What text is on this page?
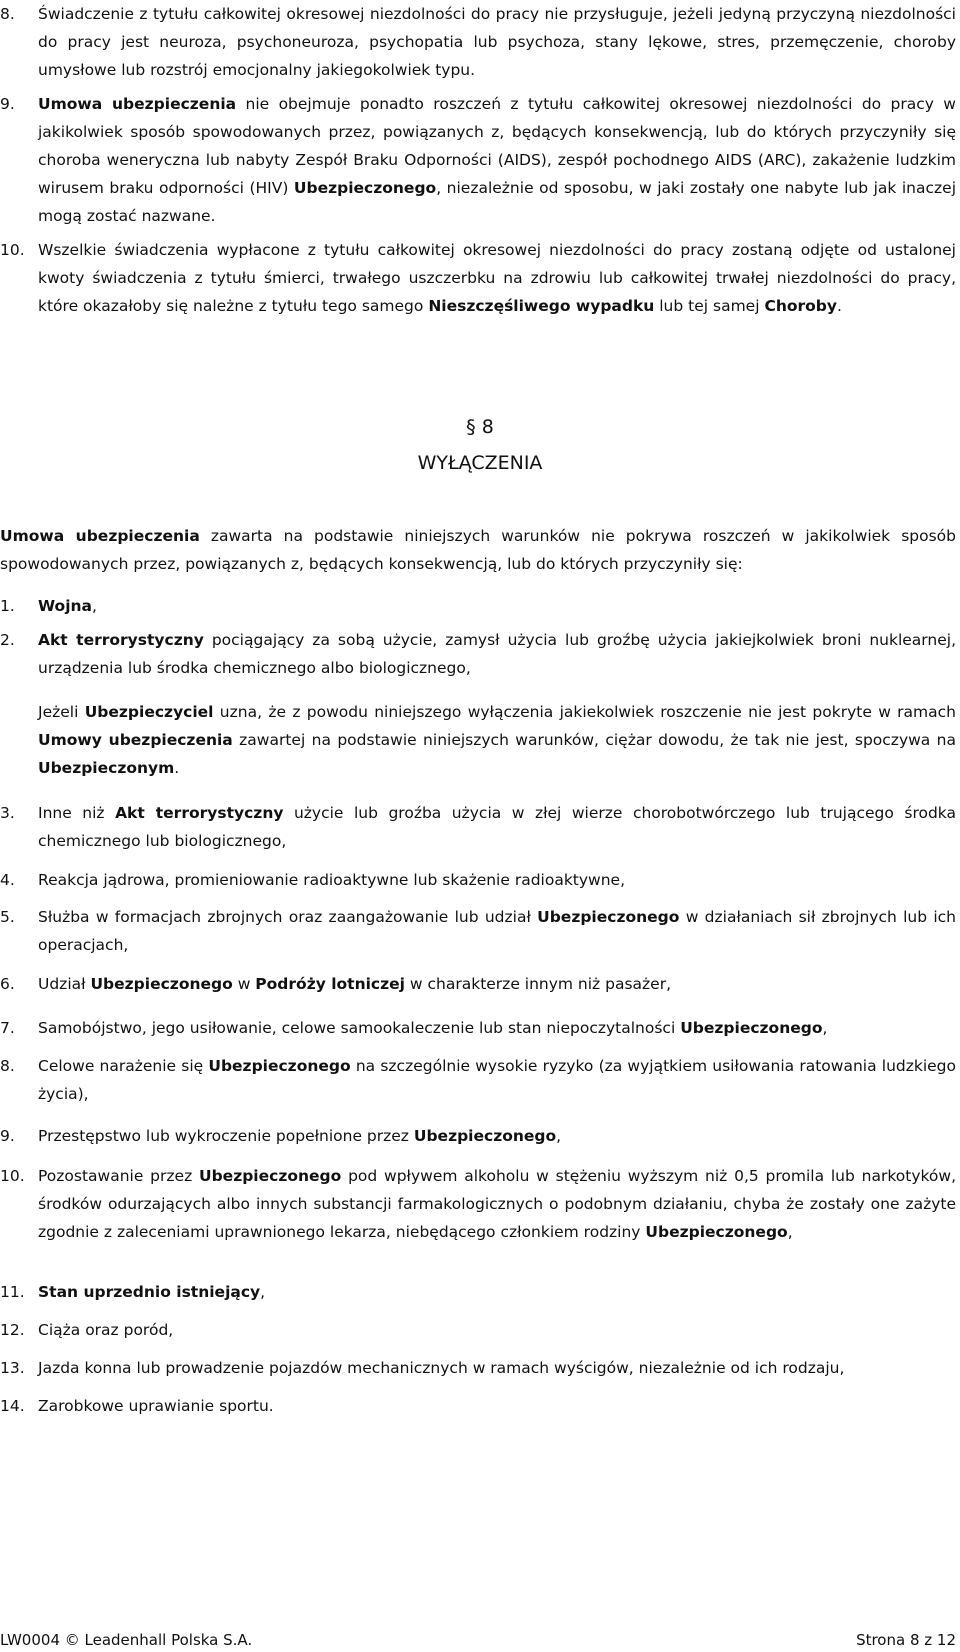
8.	Świadczenie z tytułu całkowitej okresowej niezdolności do pracy nie przysługuje, jeżeli jedyną przyczyną niezdolności do pracy jest neuroza, psychoneuroza, psychopatia lub psychoza, stany lękowe, stres, przemęczenie, choroby umysłowe lub rozstrój emocjonalny jakiegokolwiek typu.
9.	Umowa ubezpieczenia nie obejmuje ponadto roszczeń z tytułu całkowitej okresowej niezdolności do pracy w jakikolwiek sposób spowodowanych przez, powiązanych z, będących konsekwencją, lub do których przyczyniły się choroba weneryczna lub nabyty Zespół Braku Odporności (AIDS), zespół pochodnego AIDS (ARC), zakażenie ludzkim wirusem braku odporności (HIV) Ubezpieczonego, niezależnie od sposobu, w jaki zostały one nabyte lub jak inaczej mogą zostać nazwane.
10. Wszelkie świadczenia wypłacone z tytułu całkowitej okresowej niezdolności do pracy zostaną odjęte od ustalonej kwoty świadczenia z tytułu śmierci, trwałego uszczerbku na zdrowiu lub całkowitej trwałej niezdolności do pracy, które okazałoby się należne z tytułu tego samego Nieszczęśliwego wypadku lub tej samej Choroby.
§ 8
WYŁĄCZENIA
Umowa ubezpieczenia zawarta na podstawie niniejszych warunków nie pokrywa roszczeń w jakikolwiek sposób spowodowanych przez, powiązanych z, będących konsekwencją, lub do których przyczyniły się:
1.	Wojna,
2.	Akt terrorystyczny pociągający za sobą użycie, zamysł użycia lub groźbę użycia jakiejkolwiek broni nuklearnej, urządzenia lub środka chemicznego albo biologicznego,
Jeżeli Ubezpieczyciel uzna, że z powodu niniejszego wyłączenia jakiekolwiek roszczenie nie jest pokryte w ramach Umowy ubezpieczenia zawartej na podstawie niniejszych warunków, ciężar dowodu, że tak nie jest, spoczywa na Ubezpieczonym.
3.	Inne niż Akt terrorystyczny użycie lub groźba użycia w złej wierze chorobotwórczego lub trującego środka chemicznego lub biologicznego,
4.	Reakcja jądrowa, promieniowanie radioaktywne lub skażenie radioaktywne,
5.	Służba w formacjach zbrojnych oraz zaangażowanie lub udział Ubezpieczonego w działaniach sił zbrojnych lub ich operacjach,
6.	Udział Ubezpieczonego w Podróży lotniczej w charakterze innym niż pasażer,
7.	Samobójstwo, jego usiłowanie, celowe samookaleczenie lub stan niepoczytalności Ubezpieczonego,
8.	Celowe narażenie się Ubezpieczonego na szczególnie wysokie ryzyko (za wyjątkiem usiłowania ratowania ludzkiego życia),
9.	Przestępstwo lub wykroczenie popełnione przez Ubezpieczonego,
10. Pozostawanie przez Ubezpieczonego pod wpływem alkoholu w stężeniu wyższym niż 0,5 promila lub narkotyków, środków odurzających albo innych substancji farmakologicznych o podobnym działaniu, chyba że zostały one zażyte zgodnie z zaleceniami uprawnionego lekarza, niebędącego członkiem rodziny Ubezpieczonego,
11. Stan uprzednio istniejący,
12. Ciąża oraz poród,
13. Jazda konna lub prowadzenie pojazdów mechanicznych w ramach wyścigów, niezależnie od ich rodzaju,
14. Zarobkowe uprawianie sportu.
LW0004 © Leadenhall Polska S.A.	Strona 8 z 12
